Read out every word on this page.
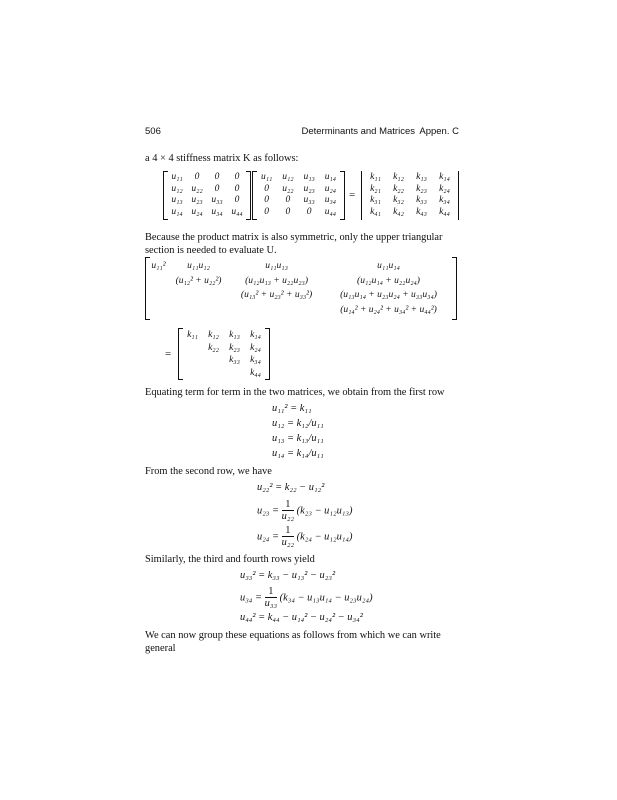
506	Determinants and Matrices Appen. C
a 4 × 4 stiffness matrix K as follows:
u₁₁	0	0	0
u₁₂	u₂₂	0	0
u₁₃	u₂₃	u₃₃	0
u₁₄	u₂₄	u₃₄	u₄₄
u₁₁	u₁₂	u₁₃	u₁₄
0	u₂₂	u₂₃	u₂₄
0	0	u₃₃	u₃₄
0	0	0	u₄₄
=
k₁₁	k₁₂	k₁₃	k₁₄
k₂₁	k₂₂	k₂₃	k₂₄
k₃₁	k₃₂	k₃₃	k₃₄
k₄₁	k₄₂	k₄₃	k₄₄
Because the product matrix is also symmetric, only the upper triangular section is needed to evaluate U.
u₁₁²	u₁₁u₁₂	u₁₁u₁₃	u₁₁u₁₄
	(u₁₂² + u₂₂²)	(u₁₂u₁₃ + u₂₂u₂₃)	(u₁₂u₁₄ + u₂₂u₂₄)
		(u₁₃² + u₂₃² + u₃₃²)	(u₁₃u₁₄ + u₂₃u₂₄ + u₃₃u₃₄)
			(u₁₄² + u₂₄² + u₃₄² + u₄₄²)
=
k₁₁	k₁₂	k₁₃	k₁₄
	k₂₂	k₂₃	k₂₄
		k₃₃	k₃₄
			k₄₄
Equating term for term in the two matrices, we obtain from the first row
u₁₁² = k₁₁
u₁₂ = k₁₂/u₁₁
u₁₃ = k₁₃/u₁₁
u₁₄ = k₁₄/u₁₁
From the second row, we have
u₂₂² = k₂₂ − u₁₂²
$u_{23} = \frac{1}{\text{u₂₂}} (k_{23} - u_{12}u_{13})$
$u_{24} = \frac{1}{\text{u₂₂}} (k_{24} - u_{12}u_{14})$
Similarly, the third and fourth rows yield
u₃₃² = k₃₃ − u₁₃² − u₂₃²
$u_{34} = \frac{1}{\text{u₃₃}} (k_{34} - u_{13}u_{14} - u_{23}u_{24})$
u₄₄² = k₄₄ − u₁₄² − u₂₄² − u₃₄²
We can now group these equations as follows from which we can write general
